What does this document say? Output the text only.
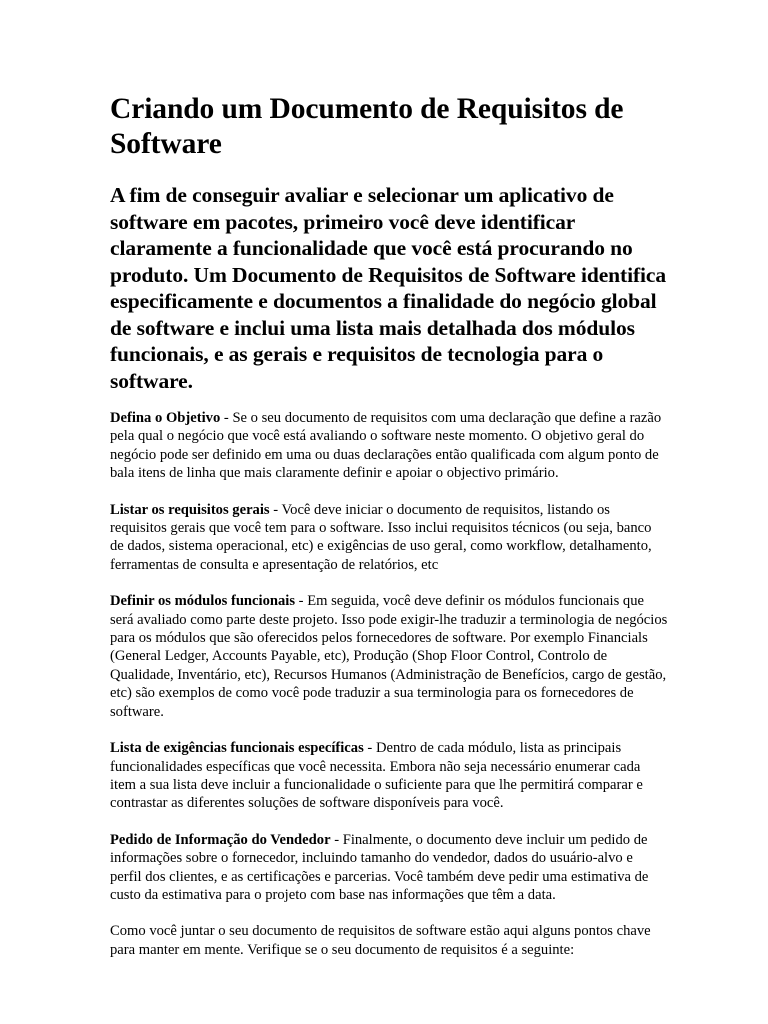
Criando um Documento de Requisitos de Software

A fim de conseguir avaliar e selecionar um aplicativo de software em pacotes, primeiro você deve identificar claramente a funcionalidade que você está procurando no produto. Um Documento de Requisitos de Software identifica especificamente e documentos a finalidade do negócio global de software e inclui uma lista mais detalhada dos módulos funcionais, e as gerais e requisitos de tecnologia para o software.

Defina o Objetivo - Se o seu documento de requisitos com uma declaração que define a razão pela qual o negócio que você está avaliando o software neste momento. O objetivo geral do negócio pode ser definido em uma ou duas declarações então qualificada com algum ponto de bala itens de linha que mais claramente definir e apoiar o objectivo primário.

Listar os requisitos gerais - Você deve iniciar o documento de requisitos, listando os requisitos gerais que você tem para o software. Isso inclui requisitos técnicos (ou seja, banco de dados, sistema operacional, etc) e exigências de uso geral, como workflow, detalhamento, ferramentas de consulta e apresentação de relatórios, etc

Definir os módulos funcionais - Em seguida, você deve definir os módulos funcionais que será avaliado como parte deste projeto. Isso pode exigir-lhe traduzir a terminologia de negócios para os módulos que são oferecidos pelos fornecedores de software. Por exemplo Financials (General Ledger, Accounts Payable, etc), Produção (Shop Floor Control, Controlo de Qualidade, Inventário, etc), Recursos Humanos (Administração de Benefícios, cargo de gestão, etc) são exemplos de como você pode traduzir a sua terminologia para os fornecedores de software.

Lista de exigências funcionais específicas - Dentro de cada módulo, lista as principais funcionalidades específicas que você necessita. Embora não seja necessário enumerar cada item a sua lista deve incluir a funcionalidade o suficiente para que lhe permitirá comparar e contrastar as diferentes soluções de software disponíveis para você.

Pedido de Informação do Vendedor - Finalmente, o documento deve incluir um pedido de informações sobre o fornecedor, incluindo tamanho do vendedor, dados do usuário-alvo e perfil dos clientes, e as certificações e parcerias. Você também deve pedir uma estimativa de custo da estimativa para o projeto com base nas informações que têm a data.

Como você juntar o seu documento de requisitos de software estão aqui alguns pontos chave para manter em mente. Verifique se o seu documento de requisitos é a seguinte:
